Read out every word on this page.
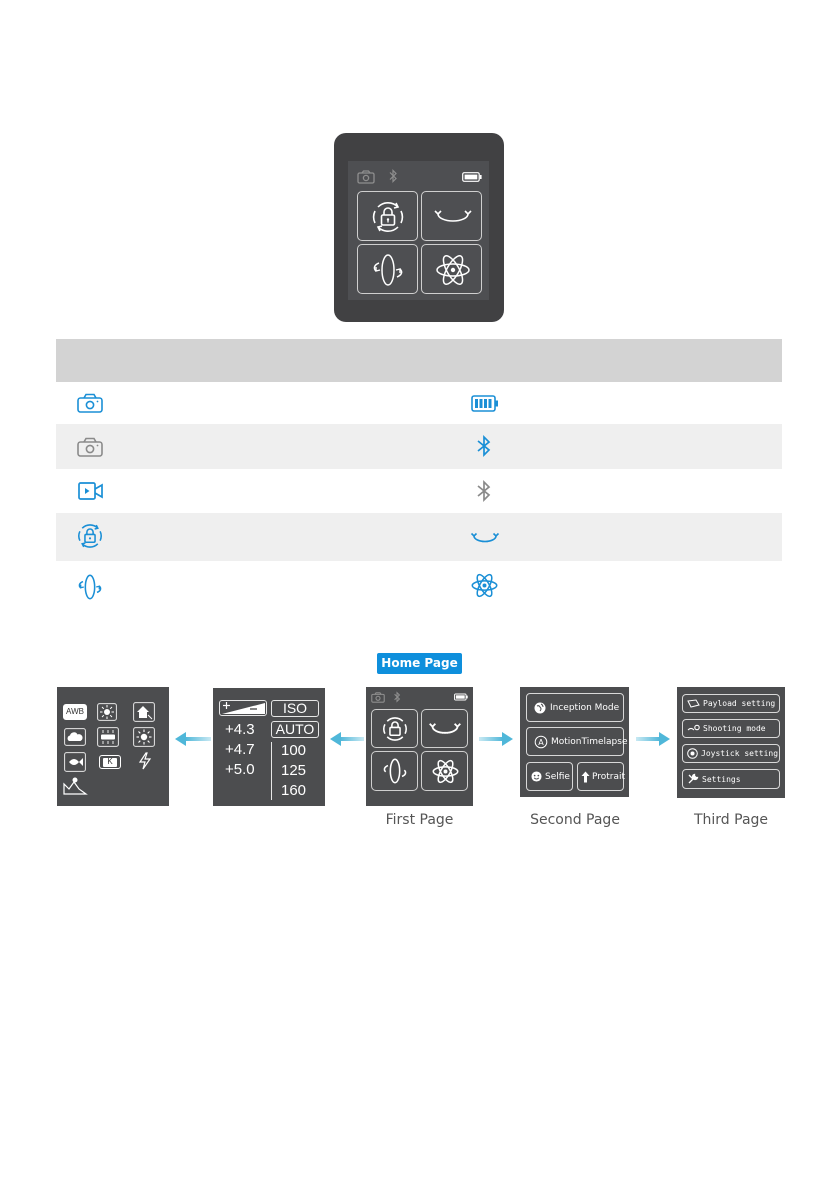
Home Page
AWB
K
ISO
+4.3
+4.7
+5.0
AUTO
100
125
160
Inception Mode
A MotionTimelapse
Selfie Protrait
Payload setting
Shooting mode
Joystick setting
Settings
First Page	Second Page	Third Page
